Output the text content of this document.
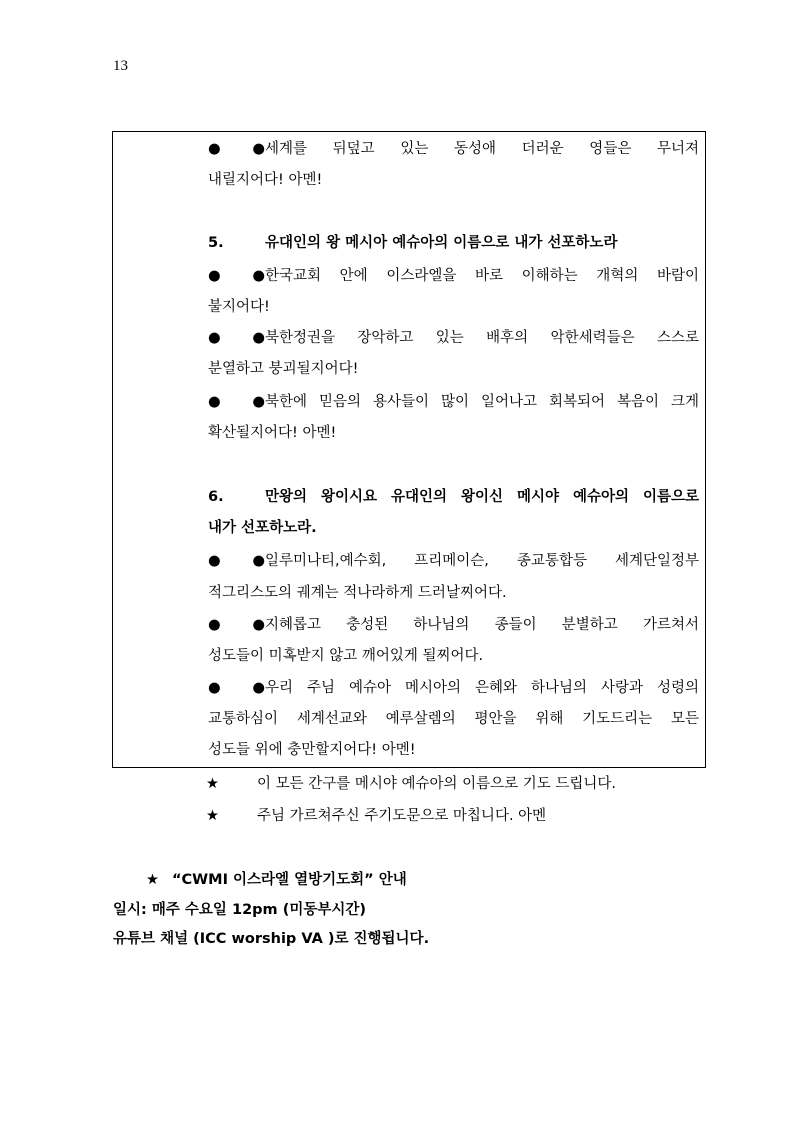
13
●●세계를 뒤덮고 있는 동성애 더러운 영들은 무너져
내릴지어다! 아멘!
5.	유대인의 왕 메시아 예슈아의 이름으로 내가 선포하노라
●●한국교회 안에 이스라엘을 바로 이해하는 개혁의 바람이
불지어다!
●●북한정권을 장악하고 있는 배후의 악한세력들은 스스로
분열하고 붕괴될지어다!
●●북한에 믿음의 용사들이 많이 일어나고 회복되어 복음이 크게
확산될지어다! 아멘!
6.	만왕의 왕이시요 유대인의 왕이신 메시야 예슈아의 이름으로
내가 선포하노라.
●●일루미나티,예수회, 프리메이슨, 종교통합등 세계단일정부
적그리스도의 궤계는 적나라하게 드러날찌어다.
●●지혜롭고 충성된 하나님의 종들이 분별하고 가르쳐서
성도들이 미혹받지 않고 깨어있게 될찌어다.
●●우리 주님 예슈아 메시아의 은혜와 하나님의 사랑과 성령의
교통하심이 세계선교와 예루살렘의 평안을 위해 기도드리는 모든
성도들 위에 충만할지어다! 아멘!
★	이 모든 간구를 메시야 예슈아의 이름으로 기도 드립니다.
★	주님 가르쳐주신 주기도문으로 마칩니다. 아멘
★ “CWMI 이스라엘 열방기도회” 안내
일시: 매주 수요일 12pm (미동부시간)
유튜브 채널 (ICC worship VA )로 진행됩니다.
